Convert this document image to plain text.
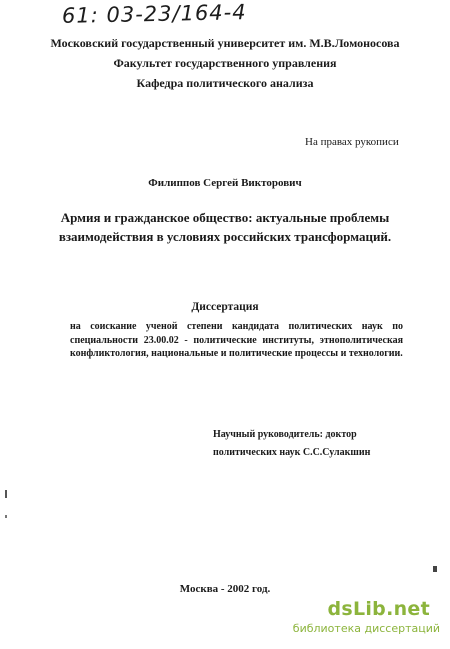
61: 03-23/164-4
Московский государственный университет им. М.В.Ломоносова
Факультет государственного управления
Кафедра политического анализа
На правах рукописи
Филиппов Сергей Викторович
Армия и гражданское общество: актуальные проблемы
взаимодействия в условиях российских трансформаций.
Диссертация
на соискание ученой степени кандидата политических наук по специальности 23.00.02 - политические институты, этнополитическая конфликтология, национальные и политические процессы и технологии.
Научный руководитель: доктор
политических наук С.С.Сулакшин
Москва - 2002 год.
dsLib.net
библиотека диссертаций
